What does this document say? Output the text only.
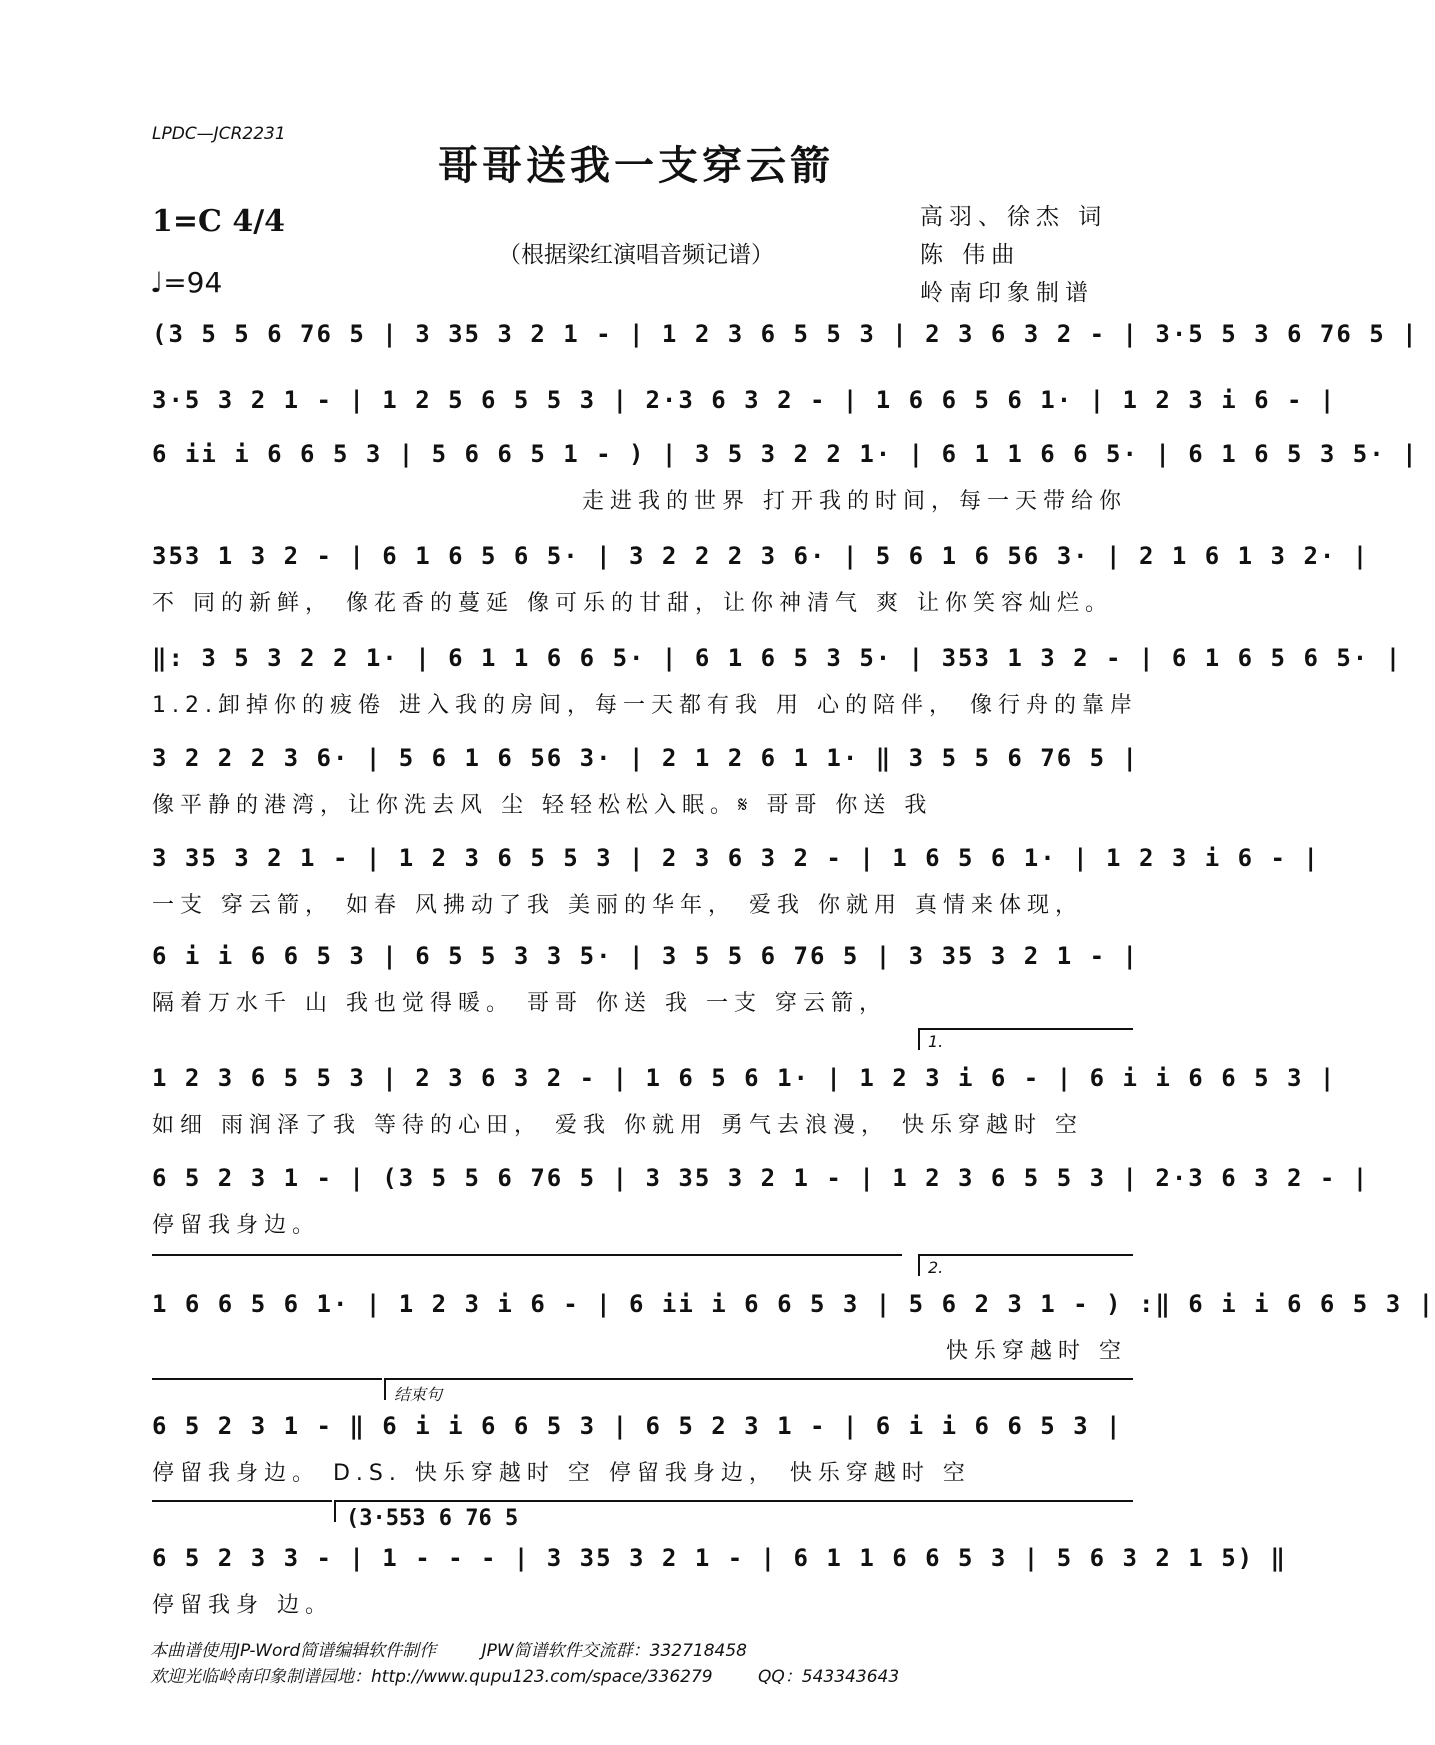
LPDC—JCR2231
哥哥送我一支穿云箭
1=C 4/4
♩=94
（根据梁红演唱音频记谱）
高羽、徐杰 词
陈 伟曲
岭南印象制谱
(3 5 5 6 76 5 | 3 35 3 2 1 - | 1 2 3 6 5 5 3 | 2 3 6 3 2 - | 3·5 5 3 6 76 5 |
3·5 3 2 1 - | 1 2 5 6 5 5 3 | 2·3 6 3 2 - | 1 6 6 5 6 1· | 1 2 3 i 6 - |
6 ii i 6 6 5 3 | 5 6 6 5 1 - ) | 3 5 3 2 2 1· | 6 1 1 6 6 5· | 6 1 6 5 3 5· |
走进我的世界 打开我的时间，每一天带给你
353 1 3 2 - | 6 1 6 5 6 5· | 3 2 2 2 3 6· | 5 6 1 6 56 3· | 2 1 6 1 3 2· |
不 同的新鲜， 像花香的蔓延 像可乐的甘甜，让你神清气 爽 让你笑容灿烂。
‖: 3 5 3 2 2 1· | 6 1 1 6 6 5· | 6 1 6 5 3 5· | 353 1 3 2 - | 6 1 6 5 6 5· |
1.2.卸掉你的疲倦 进入我的房间，每一天都有我 用 心的陪伴， 像行舟的靠岸
3 2 2 2 3 6· | 5 6 1 6 56 3· | 2 1 2 6 1 1· ‖ 3 5 5 6 76 5 |
像平静的港湾，让你洗去风 尘 轻轻松松入眠。𝄋 哥哥 你送 我
3 35 3 2 1 - | 1 2 3 6 5 5 3 | 2 3 6 3 2 - | 1 6 5 6 1· | 1 2 3 i 6 - |
一支 穿云箭， 如春 风拂动了我 美丽的华年， 爱我 你就用 真情来体现，
6 i i 6 6 5 3 | 6 5 5 3 3 5· | 3 5 5 6 76 5 | 3 35 3 2 1 - |
隔着万水千 山 我也觉得暖。 哥哥 你送 我 一支 穿云箭，
1.
1 2 3 6 5 5 3 | 2 3 6 3 2 - | 1 6 5 6 1· | 1 2 3 i 6 - | 6 i i 6 6 5 3 |
如细 雨润泽了我 等待的心田， 爱我 你就用 勇气去浪漫， 快乐穿越时 空
6 5 2 3 1 - | (3 5 5 6 76 5 | 3 35 3 2 1 - | 1 2 3 6 5 5 3 | 2·3 6 3 2 - |
停留我身边。
2.
1 6 6 5 6 1· | 1 2 3 i 6 - | 6 ii i 6 6 5 3 | 5 6 2 3 1 - ) :‖ 6 i i 6 6 5 3 |
快乐穿越时 空
结束句
6 5 2 3 1 - ‖ 6 i i 6 6 5 3 | 6 5 2 3 1 - | 6 i i 6 6 5 3 |
停留我身边。 D.S. 快乐穿越时 空 停留我身边， 快乐穿越时 空
(3·553 6 76 5
6 5 2 3 3 - | 1 - - - | 3 35 3 2 1 - | 6 1 1 6 6 5 3 | 5 6 3 2 1 5) ‖
停留我身 边。
本曲谱使用JP-Word简谱编辑软件制作	JPW简谱软件交流群：332718458
欢迎光临岭南印象制谱园地：http://www.qupu123.com/space/336279	QQ：543343643
